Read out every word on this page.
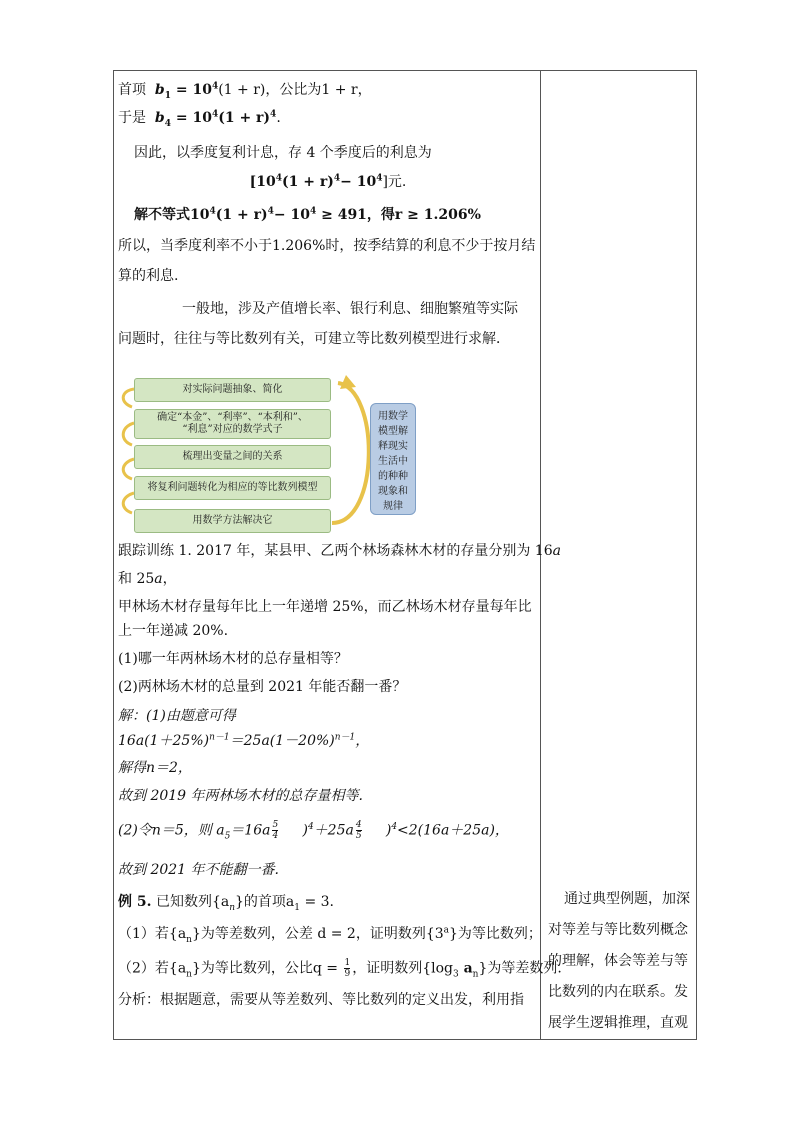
首项 $b_1 = 10^4(1 + r)$，公比为1 + r，
于是 $b_4 = 10^4(1 + r)^4$.
因此，以季度复利计息，存 4 个季度后的利息为
$[10^4(1 + r)^4- 10^4]$元.
解不等式$10^4(1 + r)^4- 10^4 \ge 491$，得r ≥ 1.206%
所以，当季度利率不小于1.206%时，按季结算的利息不少于按月结
算的利息.
一般地，涉及产值增长率、银行利息、细胞繁殖等实际
问题时，往往与等比数列有关，可建立等比数列模型进行求解．
对实际问题抽象、简化
确定“本金”、“利率”、“本利和”、
“利息”对应的数学式子
梳理出变量之间的关系
将复利问题转化为相应的等比数列模型
用数学方法解决它
用数学
模型解
释现实
生活中
的种种
现象和
规律
跟踪训练 1. 2017 年，某县甲、乙两个林场森林木材的存量分别为 16a
和 25a，
甲林场木材存量每年比上一年递增 25%，而乙林场木材存量每年比
上一年递减 20%.
(1)哪一年两林场木材的总存量相等？
(2)两林场木材的总量到 2021 年能否翻一番？
解：(1)由题意可得
$16a(1+25\%)^{n-1}=25a(1-20\%)^{n-1}$，
解得n＝2，
故到 2019 年两林场木材的总存量相等.
(2)令n＝5，则 $a_5=16a \frac{5}{4} )^4+25a \frac{4}{5} )^4<2(16a+25a)$，
故到 2021 年不能翻一番.
例 5. 已知数列$\{a_n\}$的首项$a_1 = 3$.
（1）若$\{a_n\}$为等差数列，公差 d = 2，证明数列{3$^a$}为等比数列；
（2）若$\{a_n\}$为等比数列，公比$q = \frac{1}{9}$ ，证明数列{$\log_3$ $a_n$}为等差数列.
分析：根据题意，需要从等差数列、等比数列的定义出发，利用指
通过典型例题，加深
对等差与等比数列概念
的理解，体会等差与等
比数列的内在联系。发
展学生逻辑推理，直观
